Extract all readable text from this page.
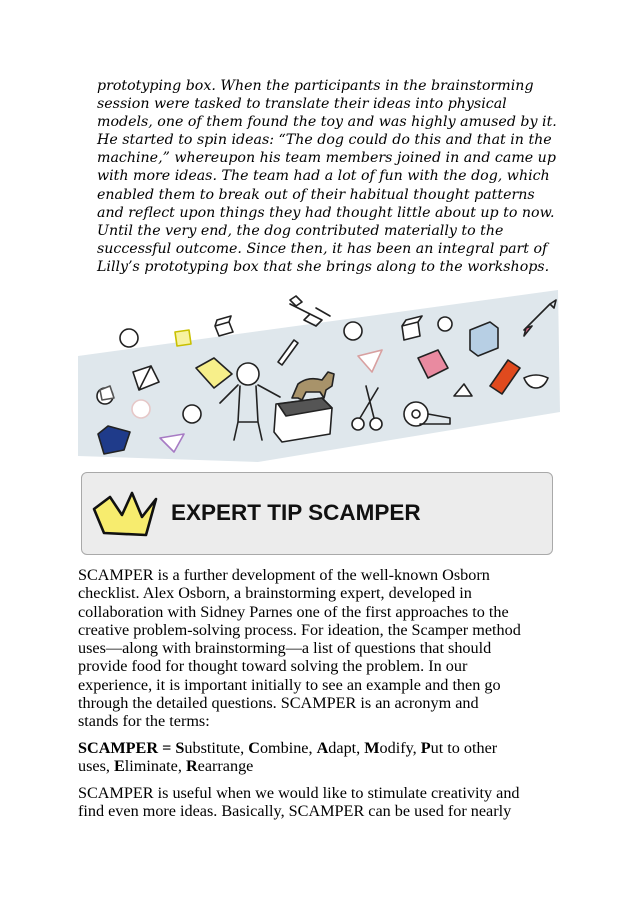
prototyping box. When the participants in the brainstorming
session were tasked to translate their ideas into physical
models, one of them found the toy and was highly amused by it.
He started to spin ideas: “The dog could do this and that in the
machine,” whereupon his team members joined in and came up
with more ideas. The team had a lot of fun with the dog, which
enabled them to break out of their habitual thought patterns
and reflect upon things they had thought little about up to now.
Until the very end, the dog contributed materially to the
successful outcome. Since then, it has been an integral part of
Lilly’s prototyping box that she brings along to the workshops.
EXPERT TIP SCAMPER
SCAMPER is a further development of the well-known Osborn
checklist. Alex Osborn, a brainstorming expert, developed in
collaboration with Sidney Parnes one of the first approaches to the
creative problem-solving process. For ideation, the Scamper method
uses—along with brainstorming—a list of questions that should
provide food for thought toward solving the problem. In our
experience, it is important initially to see an example and then go
through the detailed questions. SCAMPER is an acronym and
stands for the terms:
SCAMPER = Substitute, Combine, Adapt, Modify, Put to other
uses, Eliminate, Rearrange
SCAMPER is useful when we would like to stimulate creativity and
find even more ideas. Basically, SCAMPER can be used for nearly
